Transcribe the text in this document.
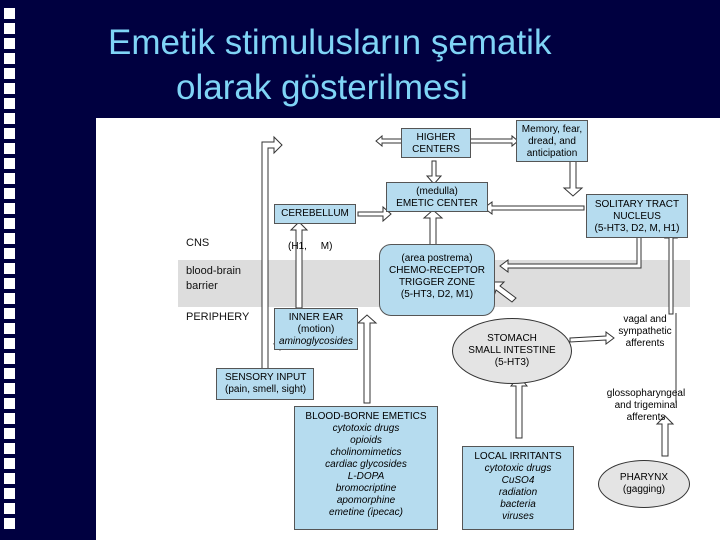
Emetik stimulusların şematik
olarak gösterilmesi
HIGHER
CENTERS
Memory, fear,
dread, and
anticipation
(medulla)
EMETIC CENTER
CEREBELLUM
SOLITARY TRACT
NUCLEUS
(5-HT3, D2, M, H1)
(H1,     M)
(area postrema)
CHEMO-RECEPTOR
TRIGGER ZONE
(5-HT3, D2, M1)
CNS
blood-brain
barrier
PERIPHERY	INNER EAR
(motion)
aminoglycosides
vagal and
sympathetic
afferents
STOMACH
SMALL INTESTINE
(5-HT3)
SENSORY INPUT
(pain, smell, sight)	glossopharyngeal
and trigeminal
afferents
BLOOD-BORNE EMETICS
cytotoxic drugs
opioids
cholinomimetics
cardiac glycosides
L-DOPA
bromocriptine
apomorphine
emetine (ipecac)
LOCAL IRRITANTS
cytotoxic drugs
CuSO4
radiation
bacteria
viruses
PHARYNX
(gagging)
